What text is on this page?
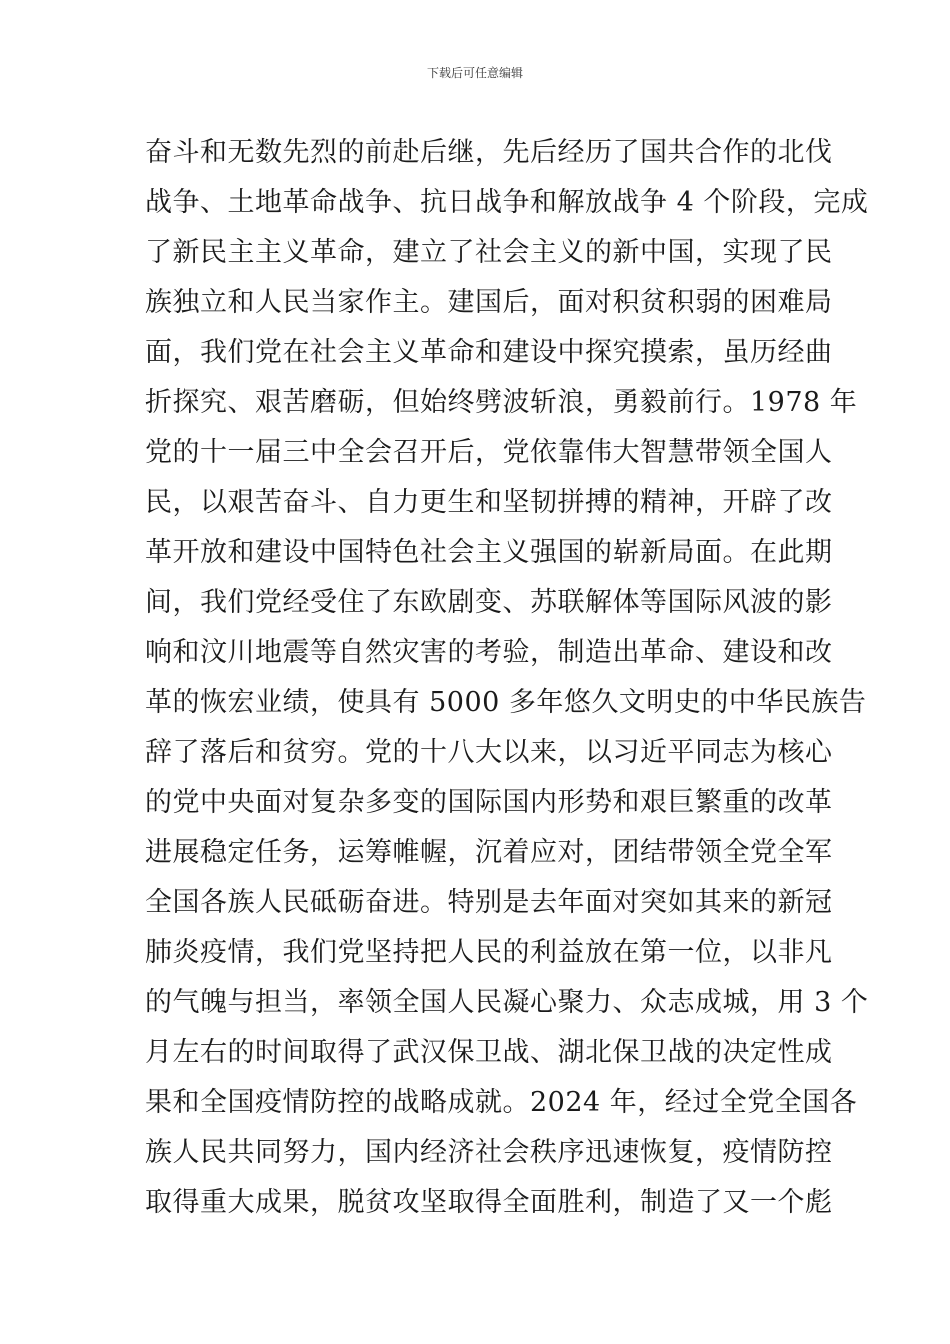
下载后可任意编辑
奋斗和无数先烈的前赴后继，先后经历了国共合作的北伐
战争、土地革命战争、抗日战争和解放战争 4 个阶段，完成
了新民主主义革命，建立了社会主义的新中国，实现了民
族独立和人民当家作主。建国后，面对积贫积弱的困难局
面，我们党在社会主义革命和建设中探究摸索，虽历经曲
折探究、艰苦磨砺，但始终劈波斩浪，勇毅前行。1978 年
党的十一届三中全会召开后，党依靠伟大智慧带领全国人
民，以艰苦奋斗、自力更生和坚韧拼搏的精神，开辟了改
革开放和建设中国特色社会主义强国的崭新局面。在此期
间，我们党经受住了东欧剧变、苏联解体等国际风波的影
响和汶川地震等自然灾害的考验，制造出革命、建设和改
革的恢宏业绩，使具有 5000 多年悠久文明史的中华民族告
辞了落后和贫穷。党的十八大以来，以习近平同志为核心
的党中央面对复杂多变的国际国内形势和艰巨繁重的改革
进展稳定任务，运筹帷幄，沉着应对，团结带领全党全军
全国各族人民砥砺奋进。特别是去年面对突如其来的新冠
肺炎疫情，我们党坚持把人民的利益放在第一位，以非凡
的气魄与担当，率领全国人民凝心聚力、众志成城，用 3 个
月左右的时间取得了武汉保卫战、湖北保卫战的决定性成
果和全国疫情防控的战略成就。2024 年，经过全党全国各
族人民共同努力，国内经济社会秩序迅速恢复，疫情防控
取得重大成果，脱贫攻坚取得全面胜利，制造了又一个彪
